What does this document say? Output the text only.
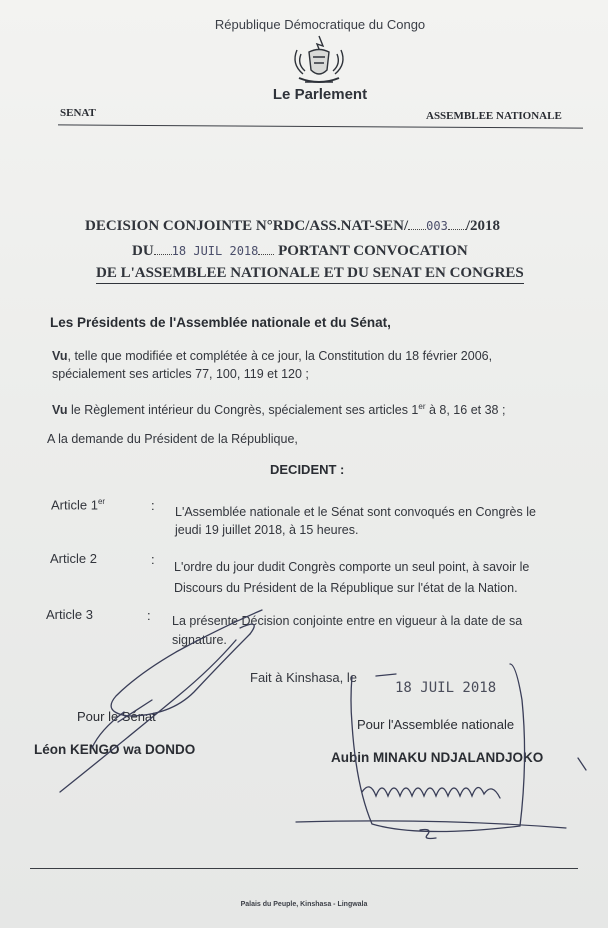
République Démocratique du Congo
Le Parlement
SENAT	ASSEMBLEE NATIONALE
DECISION CONJOINTE N°RDC/ASS.NAT-SEN/ 003 /2018
DU 18 JUIL 2018 PORTANT CONVOCATION
DE L'ASSEMBLEE NATIONALE ET DU SENAT EN CONGRES
Les Présidents de l'Assemblée nationale et du Sénat,
Vu, telle que modifiée et complétée à ce jour, la Constitution du 18 février 2006,
spécialement ses articles 77, 100, 119 et 120 ;
Vu le Règlement intérieur du Congrès, spécialement ses articles 1er à 8, 16 et 38 ;
A la demande du Président de la République,
DECIDENT :
Article 1er	: L'Assemblée nationale et le Sénat sont convoqués en Congrès le
jeudi 19 juillet 2018, à 15 heures.
Article 2	: L'ordre du jour dudit Congrès comporte un seul point, à savoir le
Discours du Président de la République sur l'état de la Nation.
Article 3	: La présente Décision conjointe entre en vigueur à la date de sa
signature.
Fait à Kinshasa, le
18 JUIL 2018
Pour le Sénat
Pour l'Assemblée nationale
Léon KENGO wa DONDO
Aubin MINAKU NDJALANDJOKO
Palais du Peuple, Kinshasa - Lingwala
